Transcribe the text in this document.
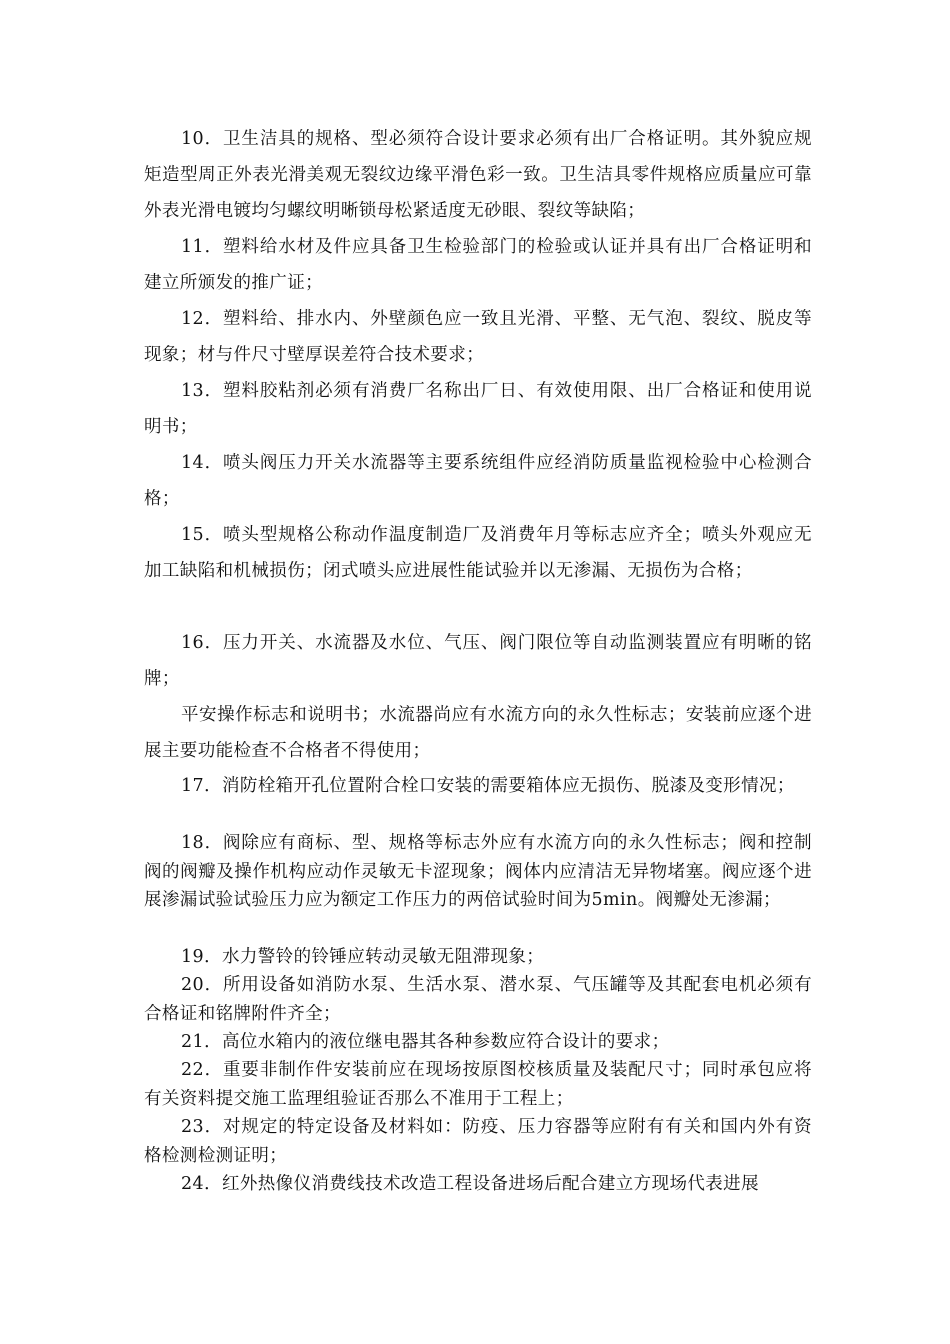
10．卫生洁具的规格、型必须符合设计要求必须有出厂合格证明。其外貌应规矩造型周正外表光滑美观无裂纹边缘平滑色彩一致。卫生洁具零件规格应质量应可靠外表光滑电镀均匀螺纹明晰锁母松紧适度无砂眼、裂纹等缺陷；

11．塑料给水材及件应具备卫生检验部门的检验或认证并具有出厂合格证明和建立所颁发的推广证；

12．塑料给、排水内、外壁颜色应一致且光滑、平整、无气泡、裂纹、脱皮等现象；材与件尺寸壁厚误差符合技术要求；

13．塑料胶粘剂必须有消费厂名称出厂日、有效使用限、出厂合格证和使用说明书；

14．喷头阀压力开关水流器等主要系统组件应经消防质量监视检验中心检测合格；

15．喷头型规格公称动作温度制造厂及消费年月等标志应齐全；喷头外观应无加工缺陷和机械损伤；闭式喷头应进展性能试验并以无渗漏、无损伤为合格；

16．压力开关、水流器及水位、气压、阀门限位等自动监测装置应有明晰的铭牌；

平安操作标志和说明书；水流器尚应有水流方向的永久性标志；安装前应逐个进展主要功能检查不合格者不得使用；

17．消防栓箱开孔位置附合栓口安装的需要箱体应无损伤、脱漆及变形情况；

18．阀除应有商标、型、规格等标志外应有水流方向的永久性标志；阀和控制阀的阀瓣及操作机构应动作灵敏无卡涩现象；阀体内应清洁无异物堵塞。阀应逐个进展渗漏试验试验压力应为额定工作压力的两倍试验时间为5min。阀瓣处无渗漏；

19．水力警铃的铃锤应转动灵敏无阻滞现象；

20．所用设备如消防水泵、生活水泵、潜水泵、气压罐等及其配套电机必须有合格证和铭牌附件齐全；

21．高位水箱内的液位继电器其各种参数应符合设计的要求；

22．重要非制作件安装前应在现场按原图校核质量及装配尺寸；同时承包应将有关资料提交施工监理组验证否那么不准用于工程上；

23．对规定的特定设备及材料如：防疫、压力容器等应附有有关和国内外有资格检测检测证明；

24．红外热像仪消费线技术改造工程设备进场后配合建立方现场代表进展
